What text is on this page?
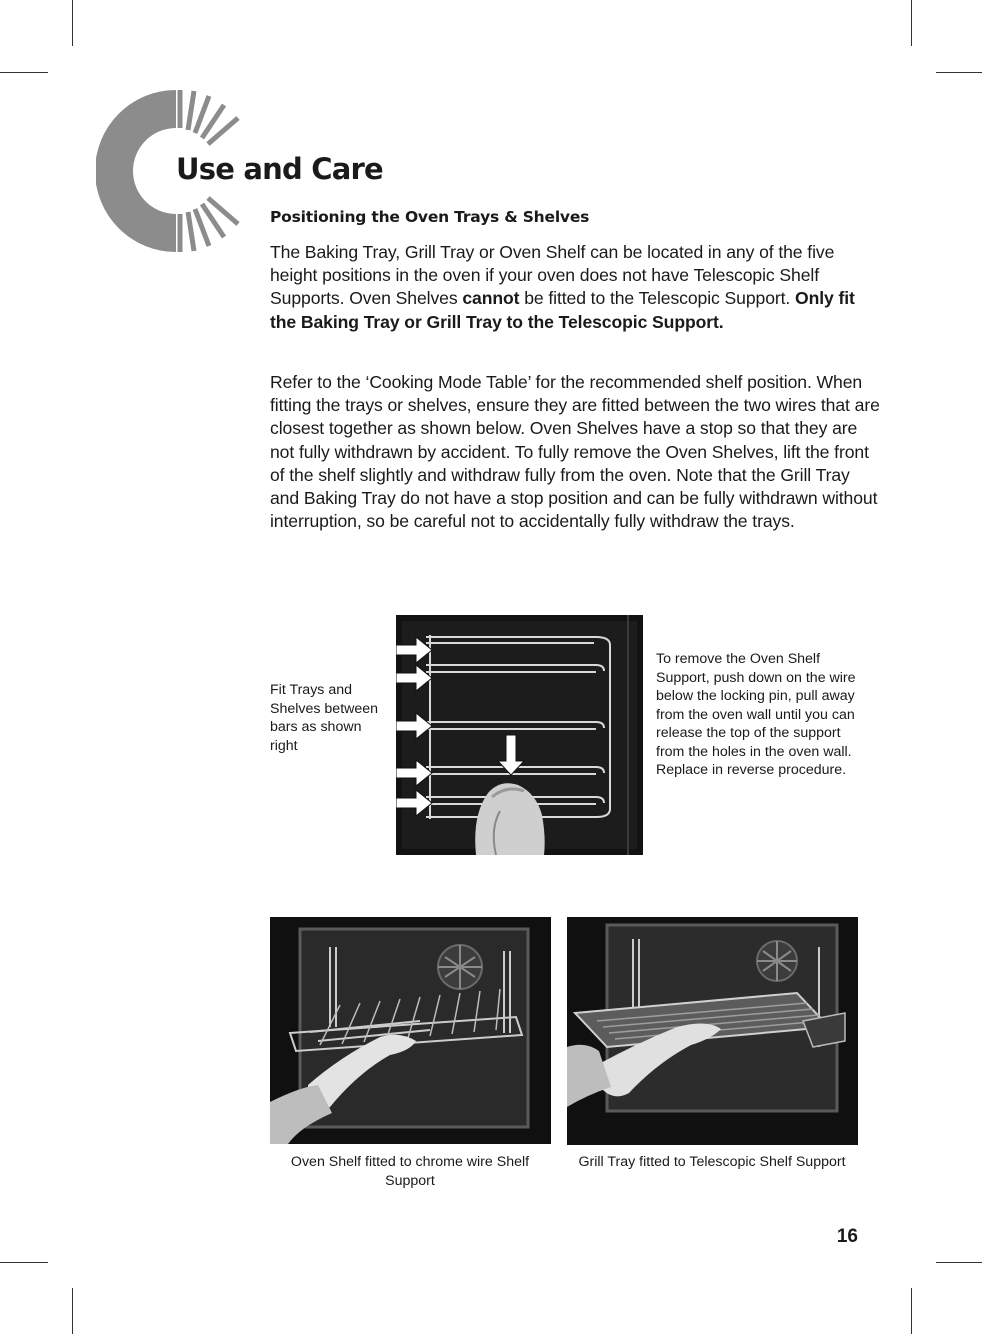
Use and Care
Positioning the Oven Trays & Shelves

The Baking Tray, Grill Tray or Oven Shelf can be located in any of the five height positions in the oven if your oven does not have Telescopic Shelf Supports. Oven Shelves cannot be fitted to the Telescopic Support. Only fit the Baking Tray or Grill Tray to the Telescopic Support.

Refer to the ‘Cooking Mode Table’ for the recommended shelf position. When fitting the trays or shelves, ensure they are fitted between the two wires that are closest together as shown below. Oven Shelves have a stop so that they are not fully withdrawn by accident. To fully remove the Oven Shelves, lift the front of the shelf slightly and withdraw fully from the oven. Note that the Grill Tray and Baking Tray do not have a stop position and can be fully withdrawn without interruption, so be careful not to accidentally fully withdraw the trays.

Fit Trays and Shelves between bars as shown right

To remove the Oven Shelf Support, push down on the wire below the locking pin, pull away from the oven wall until you can release the top of the support from the holes in the oven wall. Replace in reverse procedure.

Oven Shelf fitted to chrome wire Shelf Support

Grill Tray fitted to Telescopic Shelf Support

16
